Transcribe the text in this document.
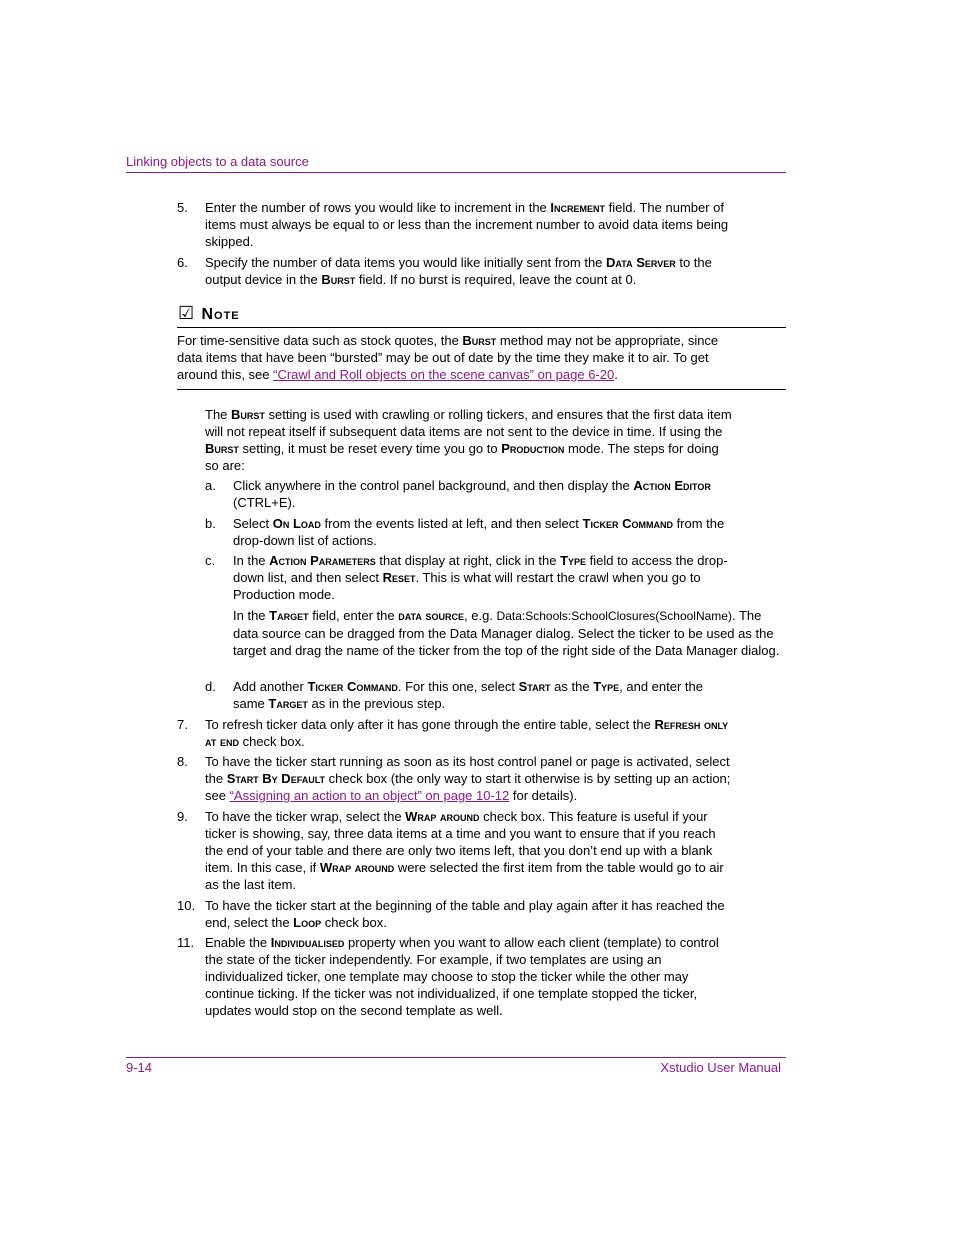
Linking objects to a data source
5. Enter the number of rows you would like to increment in the Increment field. The number of items must always be equal to or less than the increment number to avoid data items being skipped.
6. Specify the number of data items you would like initially sent from the Data Server to the output device in the Burst field. If no burst is required, leave the count at 0.
☑ Note
For time-sensitive data such as stock quotes, the Burst method may not be appropriate, since data items that have been “bursted” may be out of date by the time they make it to air. To get around this, see “Crawl and Roll objects on the scene canvas” on page 6-20.
The Burst setting is used with crawling or rolling tickers, and ensures that the first data item will not repeat itself if subsequent data items are not sent to the device in time. If using the Burst setting, it must be reset every time you go to Production mode. The steps for doing so are:
a. Click anywhere in the control panel background, and then display the Action Editor (CTRL+E).
b. Select On Load from the events listed at left, and then select Ticker Command from the drop-down list of actions.
c. In the Action Parameters that display at right, click in the Type field to access the drop-down list, and then select Reset. This is what will restart the crawl when you go to Production mode.
In the Target field, enter the data source, e.g. Data:Schools:SchoolClosures(SchoolName). The data source can be dragged from the Data Manager dialog. Select the ticker to be used as the target and drag the name of the ticker from the top of the right side of the Data Manager dialog.
d. Add another Ticker Command. For this one, select Start as the Type, and enter the same Target as in the previous step.
7. To refresh ticker data only after it has gone through the entire table, select the Refresh only at end check box.
8. To have the ticker start running as soon as its host control panel or page is activated, select the Start By Default check box (the only way to start it otherwise is by setting up an action; see “Assigning an action to an object” on page 10-12 for details).
9. To have the ticker wrap, select the Wrap around check box. This feature is useful if your ticker is showing, say, three data items at a time and you want to ensure that if you reach the end of your table and there are only two items left, that you don’t end up with a blank item. In this case, if Wrap around were selected the first item from the table would go to air as the last item.
10. To have the ticker start at the beginning of the table and play again after it has reached the end, select the Loop check box.
11. Enable the Individualised property when you want to allow each client (template) to control the state of the ticker independently. For example, if two templates are using an individualized ticker, one template may choose to stop the ticker while the other may continue ticking. If the ticker was not individualized, if one template stopped the ticker, updates would stop on the second template as well.
9-14	Xstudio User Manual
